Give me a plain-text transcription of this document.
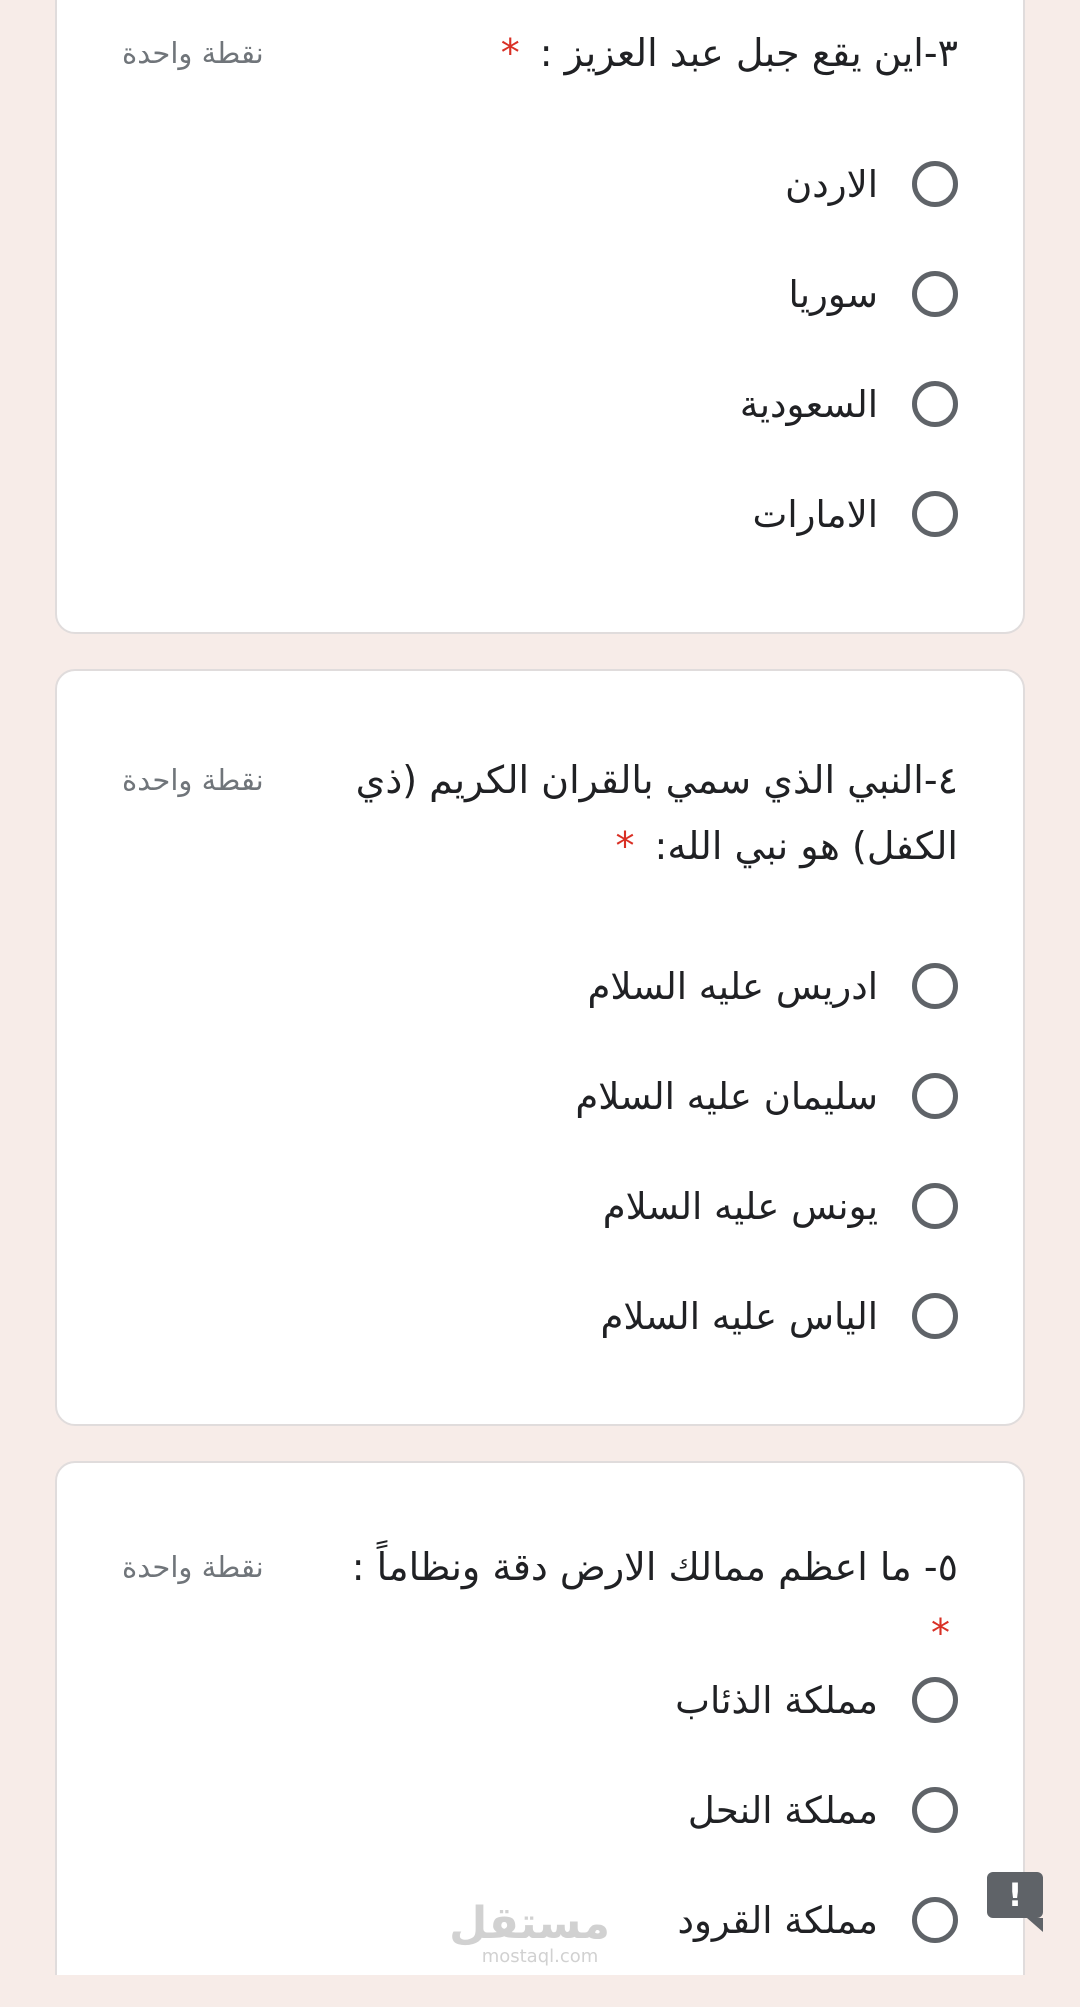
٣-اين يقع جبل عبد العزيز : *
نقطة واحدة
الاردن
سوريا
السعودية
الامارات
٤-النبي الذي سمي بالقران الكريم (ذي الكفل) هو نبي الله: *
نقطة واحدة
ادريس عليه السلام
سليمان عليه السلام
يونس عليه السلام
الياس عليه السلام
٥- ما اعظم ممالك الارض دقة ونظاماً : *
نقطة واحدة
مملكة الذئاب
مملكة النحل
مملكة القرود
!
مستقل
mostaql.com
